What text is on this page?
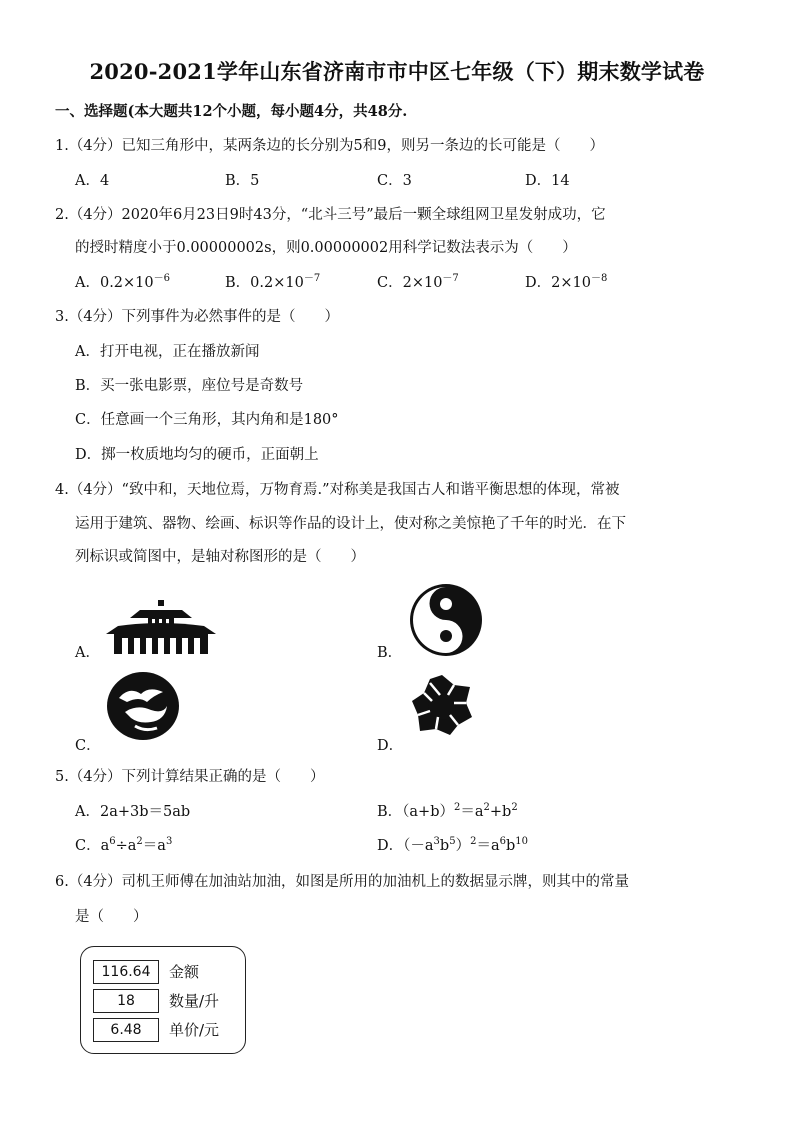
2020-2021学年山东省济南市市中区七年级（下）期末数学试卷
一、选择题(本大题共12个小题，每小题4分，共48分.
1.（4分）已知三角形中，某两条边的长分别为5和9，则另一条边的长可能是（　　）
A．4	B．5	C．3	D．14
2.（4分）2020年6月23日9时43分，“北斗三号”最后一颗全球组网卫星发射成功，它
的授时精度小于0.00000002s，则0.00000002用科学记数法表示为（　　）
A．$0.2\times 10^{-6}$	B．$0.2\times 10^{-7}$	C．$2\times 10^{-7}$	D．$2\times 10^{-8}$
3.（4分）下列事件为必然事件的是（　　）
A．打开电视，正在播放新闻
B．买一张电影票，座位号是奇数号
C．任意画一个三角形，其内角和是180°
D．掷一枚质地均匀的硬币，正面朝上
4.（4分）“致中和，天地位焉，万物育焉.”对称美是我国古人和谐平衡思想的体现，常被
运用于建筑、器物、绘画、标识等作品的设计上，使对称之美惊艳了千年的时光．在下
列标识或简图中，是轴对称图形的是（　　）
A．	B．
C．	D．
5.（4分）下列计算结果正确的是（　　）
A．2a+3b＝5ab	B．$(a+b)^2=a^2+b^2$
C．$a^6\div a^2=a^3$	D．$(-a^3b^5)^2=a^6b^{10}$
6.（4分）司机王师傅在加油站加油，如图是所用的加油机上的数据显示牌，则其中的常量
是（　　）
116.64	金额
18	数量/升
6.48	单价/元
